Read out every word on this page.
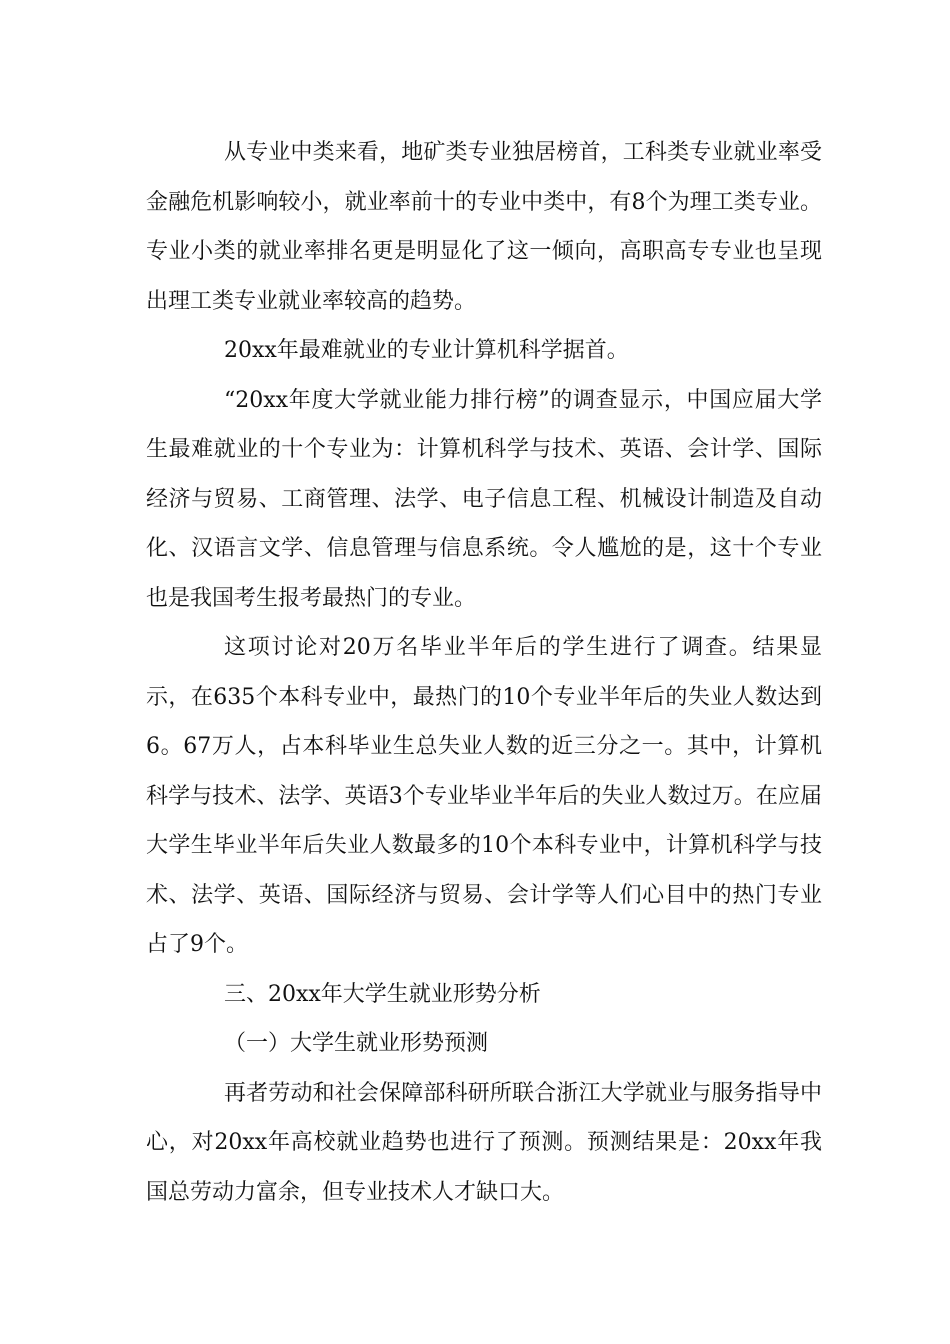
从专业中类来看，地矿类专业独居榜首，工科类专业就业率受金融危机影响较小，就业率前十的专业中类中，有8个为理工类专业。专业小类的就业率排名更是明显化了这一倾向，高职高专专业也呈现出理工类专业就业率较高的趋势。

20xx年最难就业的专业计算机科学据首。

“20xx年度大学就业能力排行榜”的调查显示，中国应届大学生最难就业的十个专业为：计算机科学与技术、英语、会计学、国际经济与贸易、工商管理、法学、电子信息工程、机械设计制造及自动化、汉语言文学、信息管理与信息系统。令人尴尬的是，这十个专业也是我国考生报考最热门的专业。

这项讨论对20万名毕业半年后的学生进行了调查。结果显示，在635个本科专业中，最热门的10个专业半年后的失业人数达到6。67万人，占本科毕业生总失业人数的近三分之一。其中，计算机科学与技术、法学、英语3个专业毕业半年后的失业人数过万。在应届大学生毕业半年后失业人数最多的10个本科专业中，计算机科学与技术、法学、英语、国际经济与贸易、会计学等人们心目中的热门专业占了9个。

三、20xx年大学生就业形势分析

（一）大学生就业形势预测

再者劳动和社会保障部科研所联合浙江大学就业与服务指导中心，对20xx年高校就业趋势也进行了预测。预测结果是：20xx年我国总劳动力富余，但专业技术人才缺口大。
